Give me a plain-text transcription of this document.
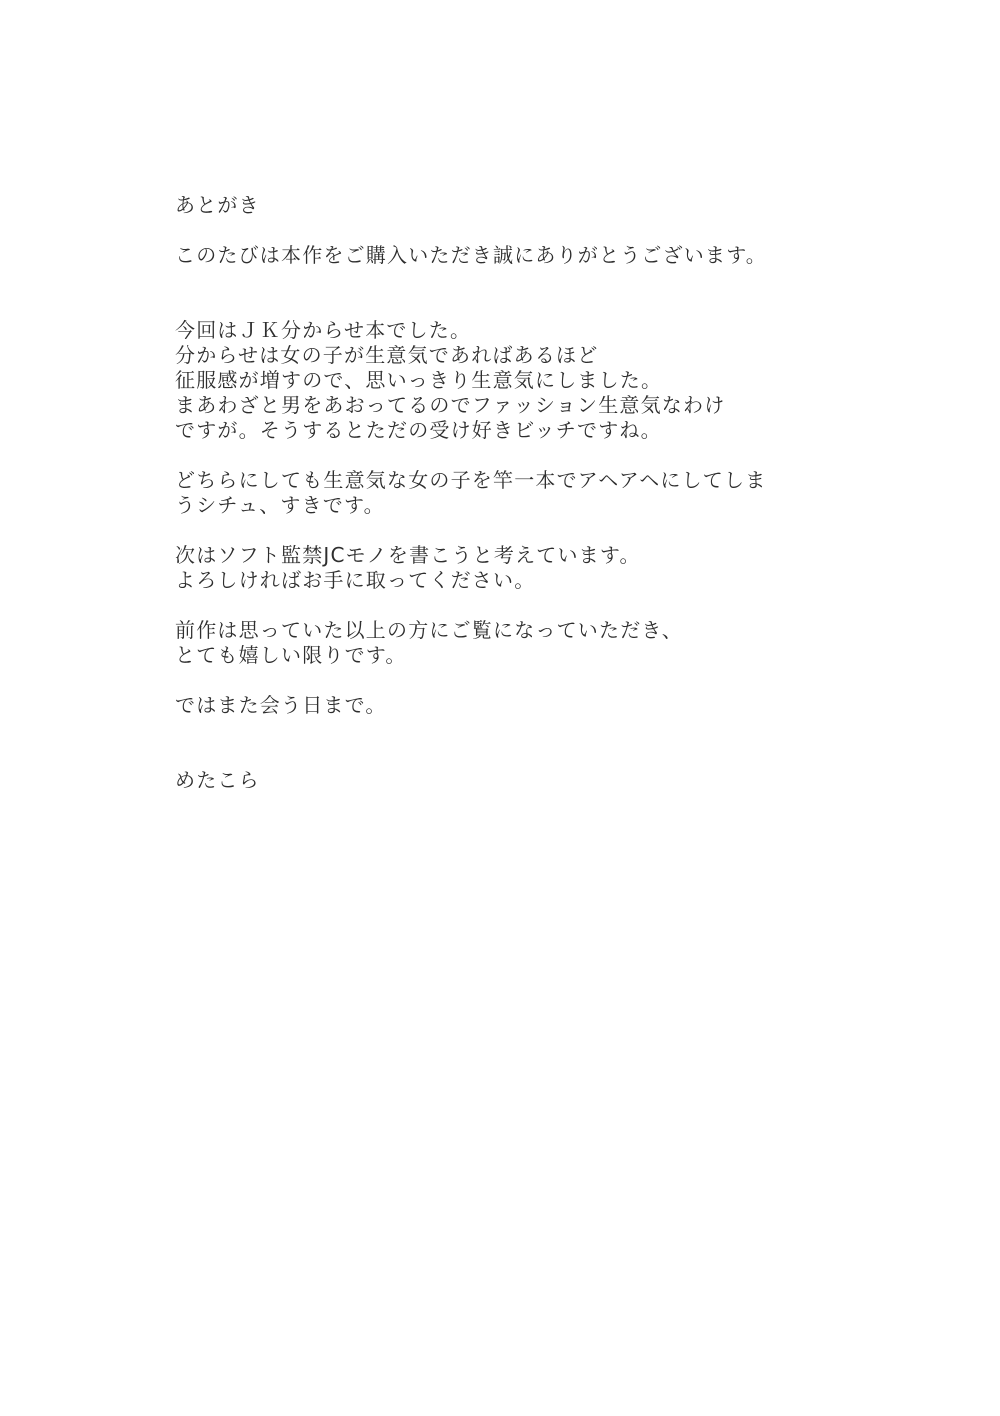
あとがき
このたびは本作をご購入いただき誠にありがとうございます。
今回はＪＫ分からせ本でした。
分からせは女の子が生意気であればあるほど
征服感が増すので、思いっきり生意気にしました。
まあわざと男をあおってるのでファッション生意気なわけ
ですが。そうするとただの受け好きビッチですね。
どちらにしても生意気な女の子を竿一本でアヘアヘにしてしま
うシチュ、すきです。
次はソフト監禁JCモノを書こうと考えています。
よろしければお手に取ってください。
前作は思っていた以上の方にご覧になっていただき、
とても嬉しい限りです。
ではまた会う日まで。
めたこら
